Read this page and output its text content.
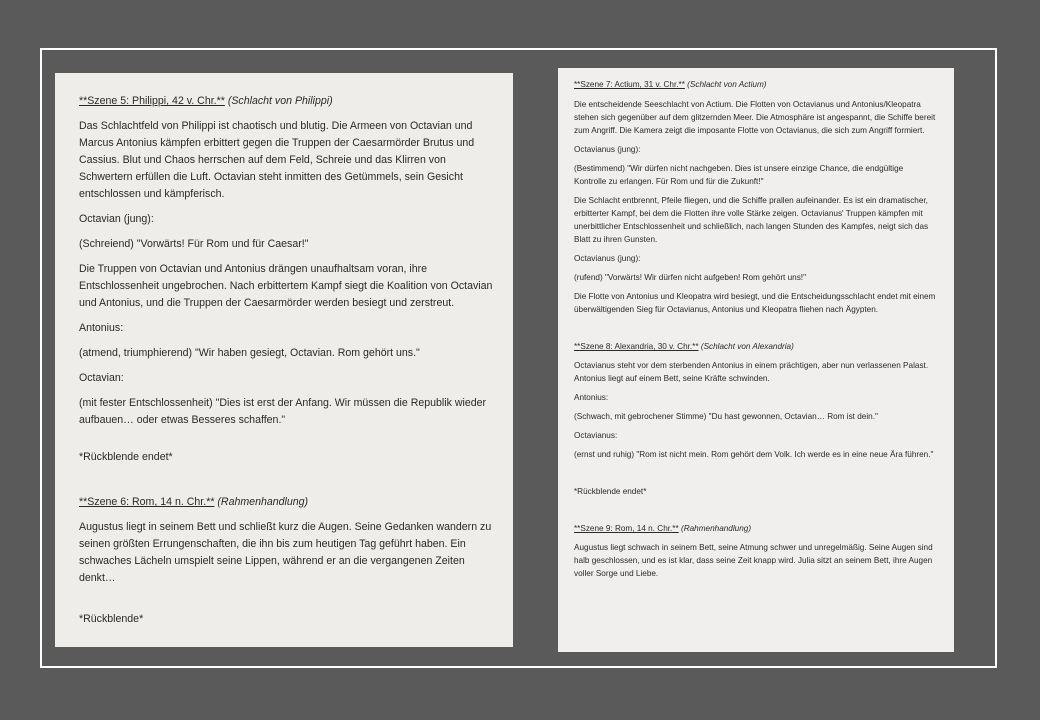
**Szene 5: Philippi, 42 v. Chr.** (Schlacht von Philippi)

Das Schlachtfeld von Philippi ist chaotisch und blutig. Die Armeen von Octavian und Marcus Antonius kämpfen erbittert gegen die Truppen der Caesarmörder Brutus und Cassius. Blut und Chaos herrschen auf dem Feld, Schreie und das Klirren von Schwertern erfüllen die Luft. Octavian steht inmitten des Getümmels, sein Gesicht entschlossen und kämpferisch.

Octavian (jung):

(Schreiend) "Vorwärts! Für Rom und für Caesar!"

Die Truppen von Octavian und Antonius drängen unaufhaltsam voran, ihre Entschlossenheit ungebrochen. Nach erbittertem Kampf siegt die Koalition von Octavian und Antonius, und die Truppen der Caesarmörder werden besiegt und zerstreut.

Antonius:

(atmend, triumphierend) "Wir haben gesiegt, Octavian. Rom gehört uns."

Octavian:

(mit fester Entschlossenheit) "Dies ist erst der Anfang. Wir müssen die Republik wieder aufbauen… oder etwas Besseres schaffen."

*Rückblende endet*

**Szene 6: Rom, 14 n. Chr.** (Rahmenhandlung)

Augustus liegt in seinem Bett und schließt kurz die Augen. Seine Gedanken wandern zu seinen größten Errungenschaften, die ihn bis zum heutigen Tag geführt haben. Ein schwaches Lächeln umspielt seine Lippen, während er an die vergangenen Zeiten denkt…

*Rückblende*

**Szene 7: Actium, 31 v. Chr.** (Schlacht von Actium)

Die entscheidende Seeschlacht von Actium. Die Flotten von Octavianus und Antonius/Kleopatra stehen sich gegenüber auf dem glitzernden Meer. Die Atmosphäre ist angespannt, die Schiffe bereit zum Angriff. Die Kamera zeigt die imposante Flotte von Octavianus, die sich zum Angriff formiert.

Octavianus (jung):

(Bestimmend) "Wir dürfen nicht nachgeben. Dies ist unsere einzige Chance, die endgültige Kontrolle zu erlangen. Für Rom und für die Zukunft!"

Die Schlacht entbrennt, Pfeile fliegen, und die Schiffe prallen aufeinander. Es ist ein dramatischer, erbitterter Kampf, bei dem die Flotten ihre volle Stärke zeigen. Octavianus' Truppen kämpfen mit unerbittlicher Entschlossenheit und schließlich, nach langen Stunden des Kampfes, neigt sich das Blatt zu ihren Gunsten.

Octavianus (jung):

(rufend) "Vorwärts! Wir dürfen nicht aufgeben! Rom gehört uns!"

Die Flotte von Antonius und Kleopatra wird besiegt, und die Entscheidungsschlacht endet mit einem überwältigenden Sieg für Octavianus, Antonius und Kleopatra fliehen nach Ägypten.

**Szene 8: Alexandria, 30 v. Chr.** (Schlacht von Alexandria)

Octavianus steht vor dem sterbenden Antonius in einem prächtigen, aber nun verlassenen Palast. Antonius liegt auf einem Bett, seine Kräfte schwinden.

Antonius:

(Schwach, mit gebrochener Stimme) "Du hast gewonnen, Octavian… Rom ist dein."

Octavianus:

(ernst und ruhig) "Rom ist nicht mein. Rom gehört dem Volk. Ich werde es in eine neue Ära führen."

*Rückblende endet*

**Szene 9: Rom, 14 n. Chr.** (Rahmenhandlung)

Augustus liegt schwach in seinem Bett, seine Atmung schwer und unregelmäßig. Seine Augen sind halb geschlossen, und es ist klar, dass seine Zeit knapp wird. Julia sitzt an seinem Bett, ihre Augen voller Sorge und Liebe.
